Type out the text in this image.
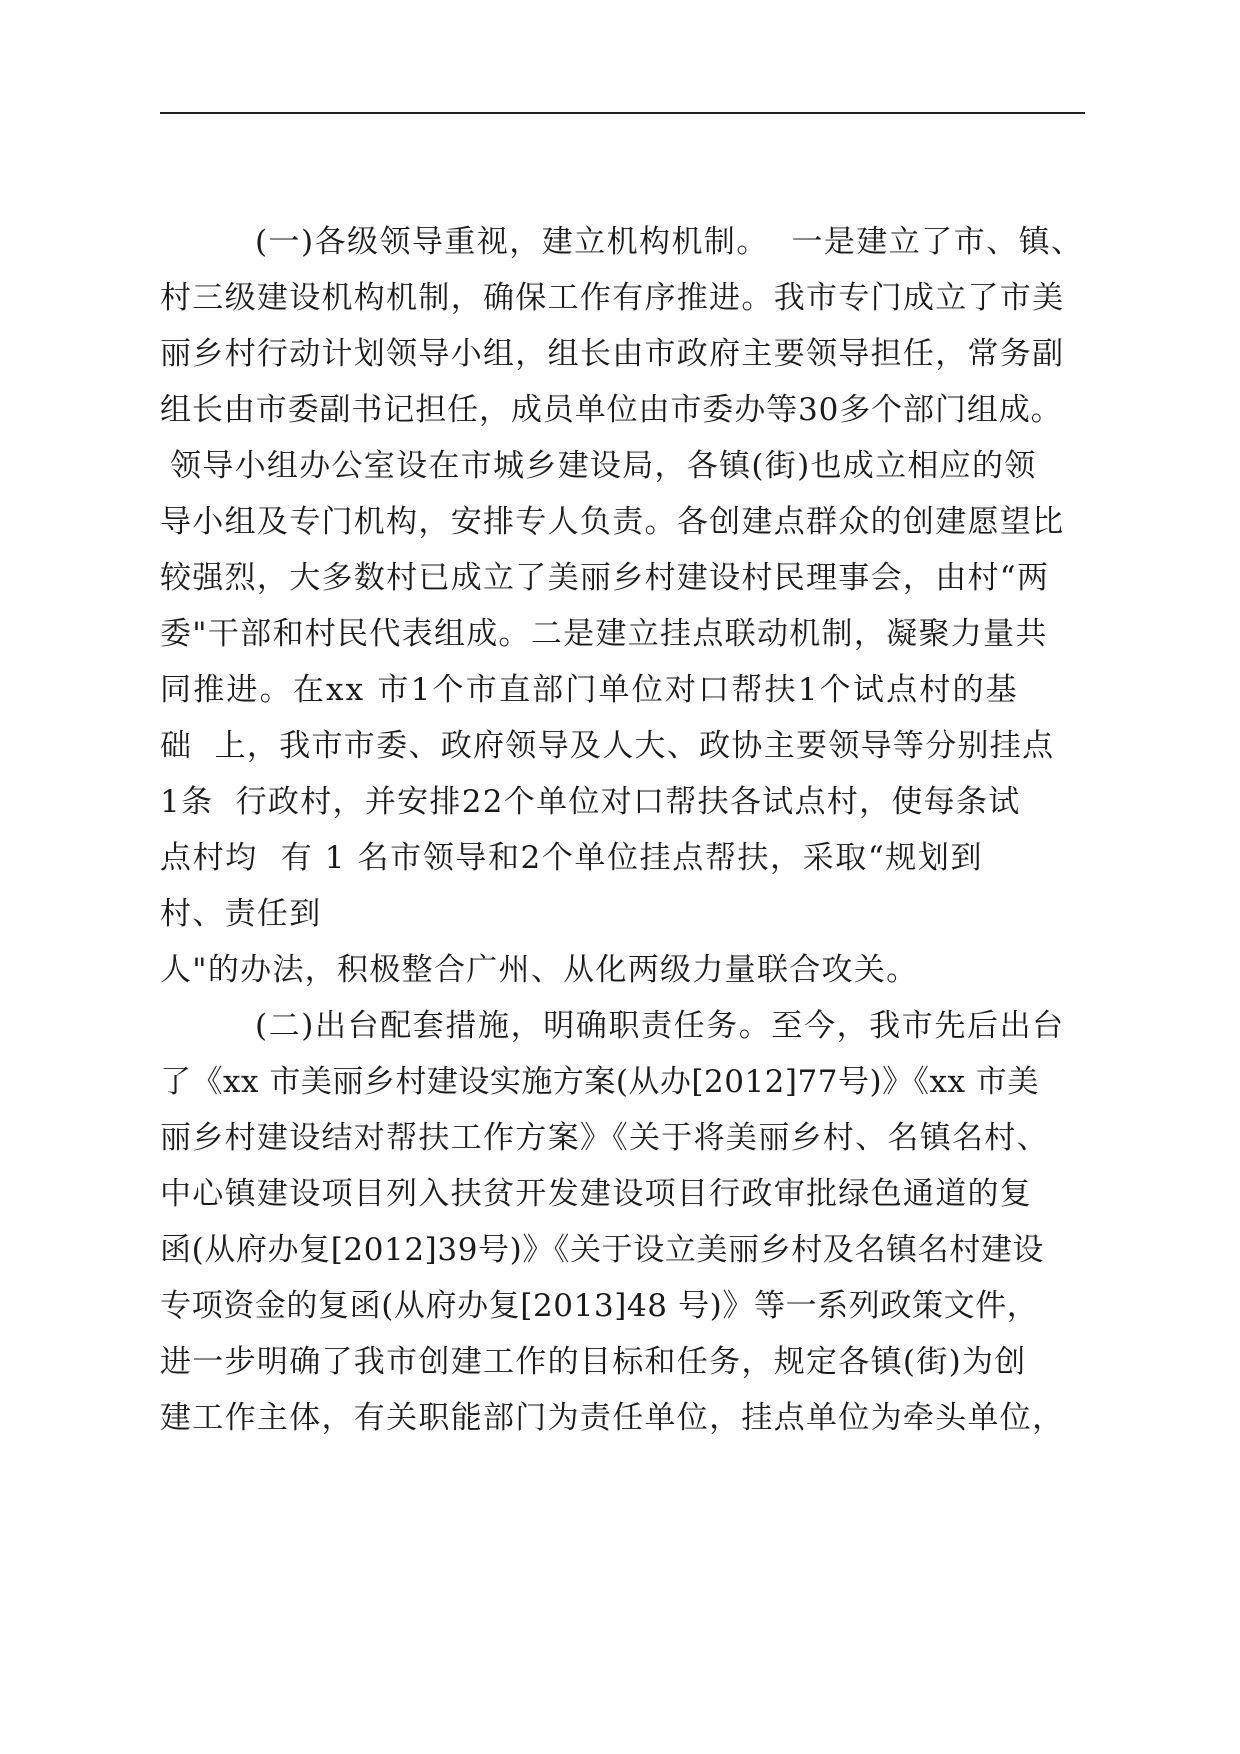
(一)各级领导重视，建立机构机制。  一是建立了市、镇、
村三级建设机构机制，确保工作有序推进。我市专门成立了市美
丽乡村行动计划领导小组，组长由市政府主要领导担任，常务副
组长由市委副书记担任，成员单位由市委办等30多个部门组成。
领导小组办公室设在市城乡建设局，各镇(街)也成立相应的领
导小组及专门机构，安排专人负责。各创建点群众的创建愿望比
较强烈，大多数村已成立了美丽乡村建设村民理事会，由村“两
委"干部和村民代表组成。二是建立挂点联动机制，凝聚力量共
同推进。在xx 市1个市直部门单位对口帮扶1个试点村的基
础  上，我市市委、政府领导及人大、政协主要领导等分别挂点
1条  行政村，并安排22个单位对口帮扶各试点村，使每条试
点村均  有 1 名市领导和2个单位挂点帮扶，采取“规划到
村、责任到
人"的办法，积极整合广州、从化两级力量联合攻关。
(二)出台配套措施，明确职责任务。至今，我市先后出台
了《xx 市美丽乡村建设实施方案(从办[2012]77号)》《xx 市美
丽乡村建设结对帮扶工作方案》《关于将美丽乡村、名镇名村、
中心镇建设项目列入扶贫开发建设项目行政审批绿色通道的复
函(从府办复[2012]39号)》《关于设立美丽乡村及名镇名村建设
专项资金的复函(从府办复[2013]48 号)》等一系列政策文件，
进一步明确了我市创建工作的目标和任务，规定各镇(街)为创
建工作主体，有关职能部门为责任单位，挂点单位为牵头单位，
